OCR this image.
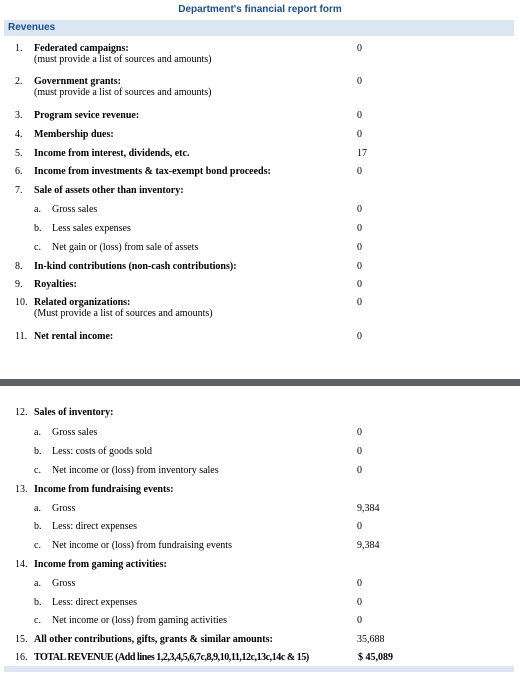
Department's financial report form
Revenues
1. Federated campaigns:
(must provide a list of sources and amounts)
0
2. Government grants:
(must provide a list of sources and amounts)
0
3. Program sevice revenue:	0
4. Membership dues:	0
5. Income from interest, dividends, etc.	17
6. Income from investments & tax-exempt bond proceeds:	0
7. Sale of assets other than inventory:
a. Gross sales	0
b. Less sales expenses	0
c. Net gain or (loss) from sale of assets	0
8. In-kind contributions (non-cash contributions):	0
9. Royalties:	0
10. Related organizations:
(Must provide a list of sources and amounts)
0
11. Net rental income:	0
12. Sales of inventory:
a. Gross sales	0
b. Less: costs of goods sold	0
c. Net income or (loss) from inventory sales	0
13. Income from fundraising events:
a. Gross	9,384
b. Less: direct expenses	0
c. Net income or (loss) from fundraising events	9,384
14. Income from gaming activities:
a. Gross	0
b. Less: direct expenses	0
c. Net income or (loss) from gaming activities	0
15. All other contributions, gifts, grants & similar amounts:	35,688
16. TOTAL REVENUE (Add lines 1,2,3,4,5,6,7c,8,9,10,11,12c,13c,14c & 15)	$ 45,089
